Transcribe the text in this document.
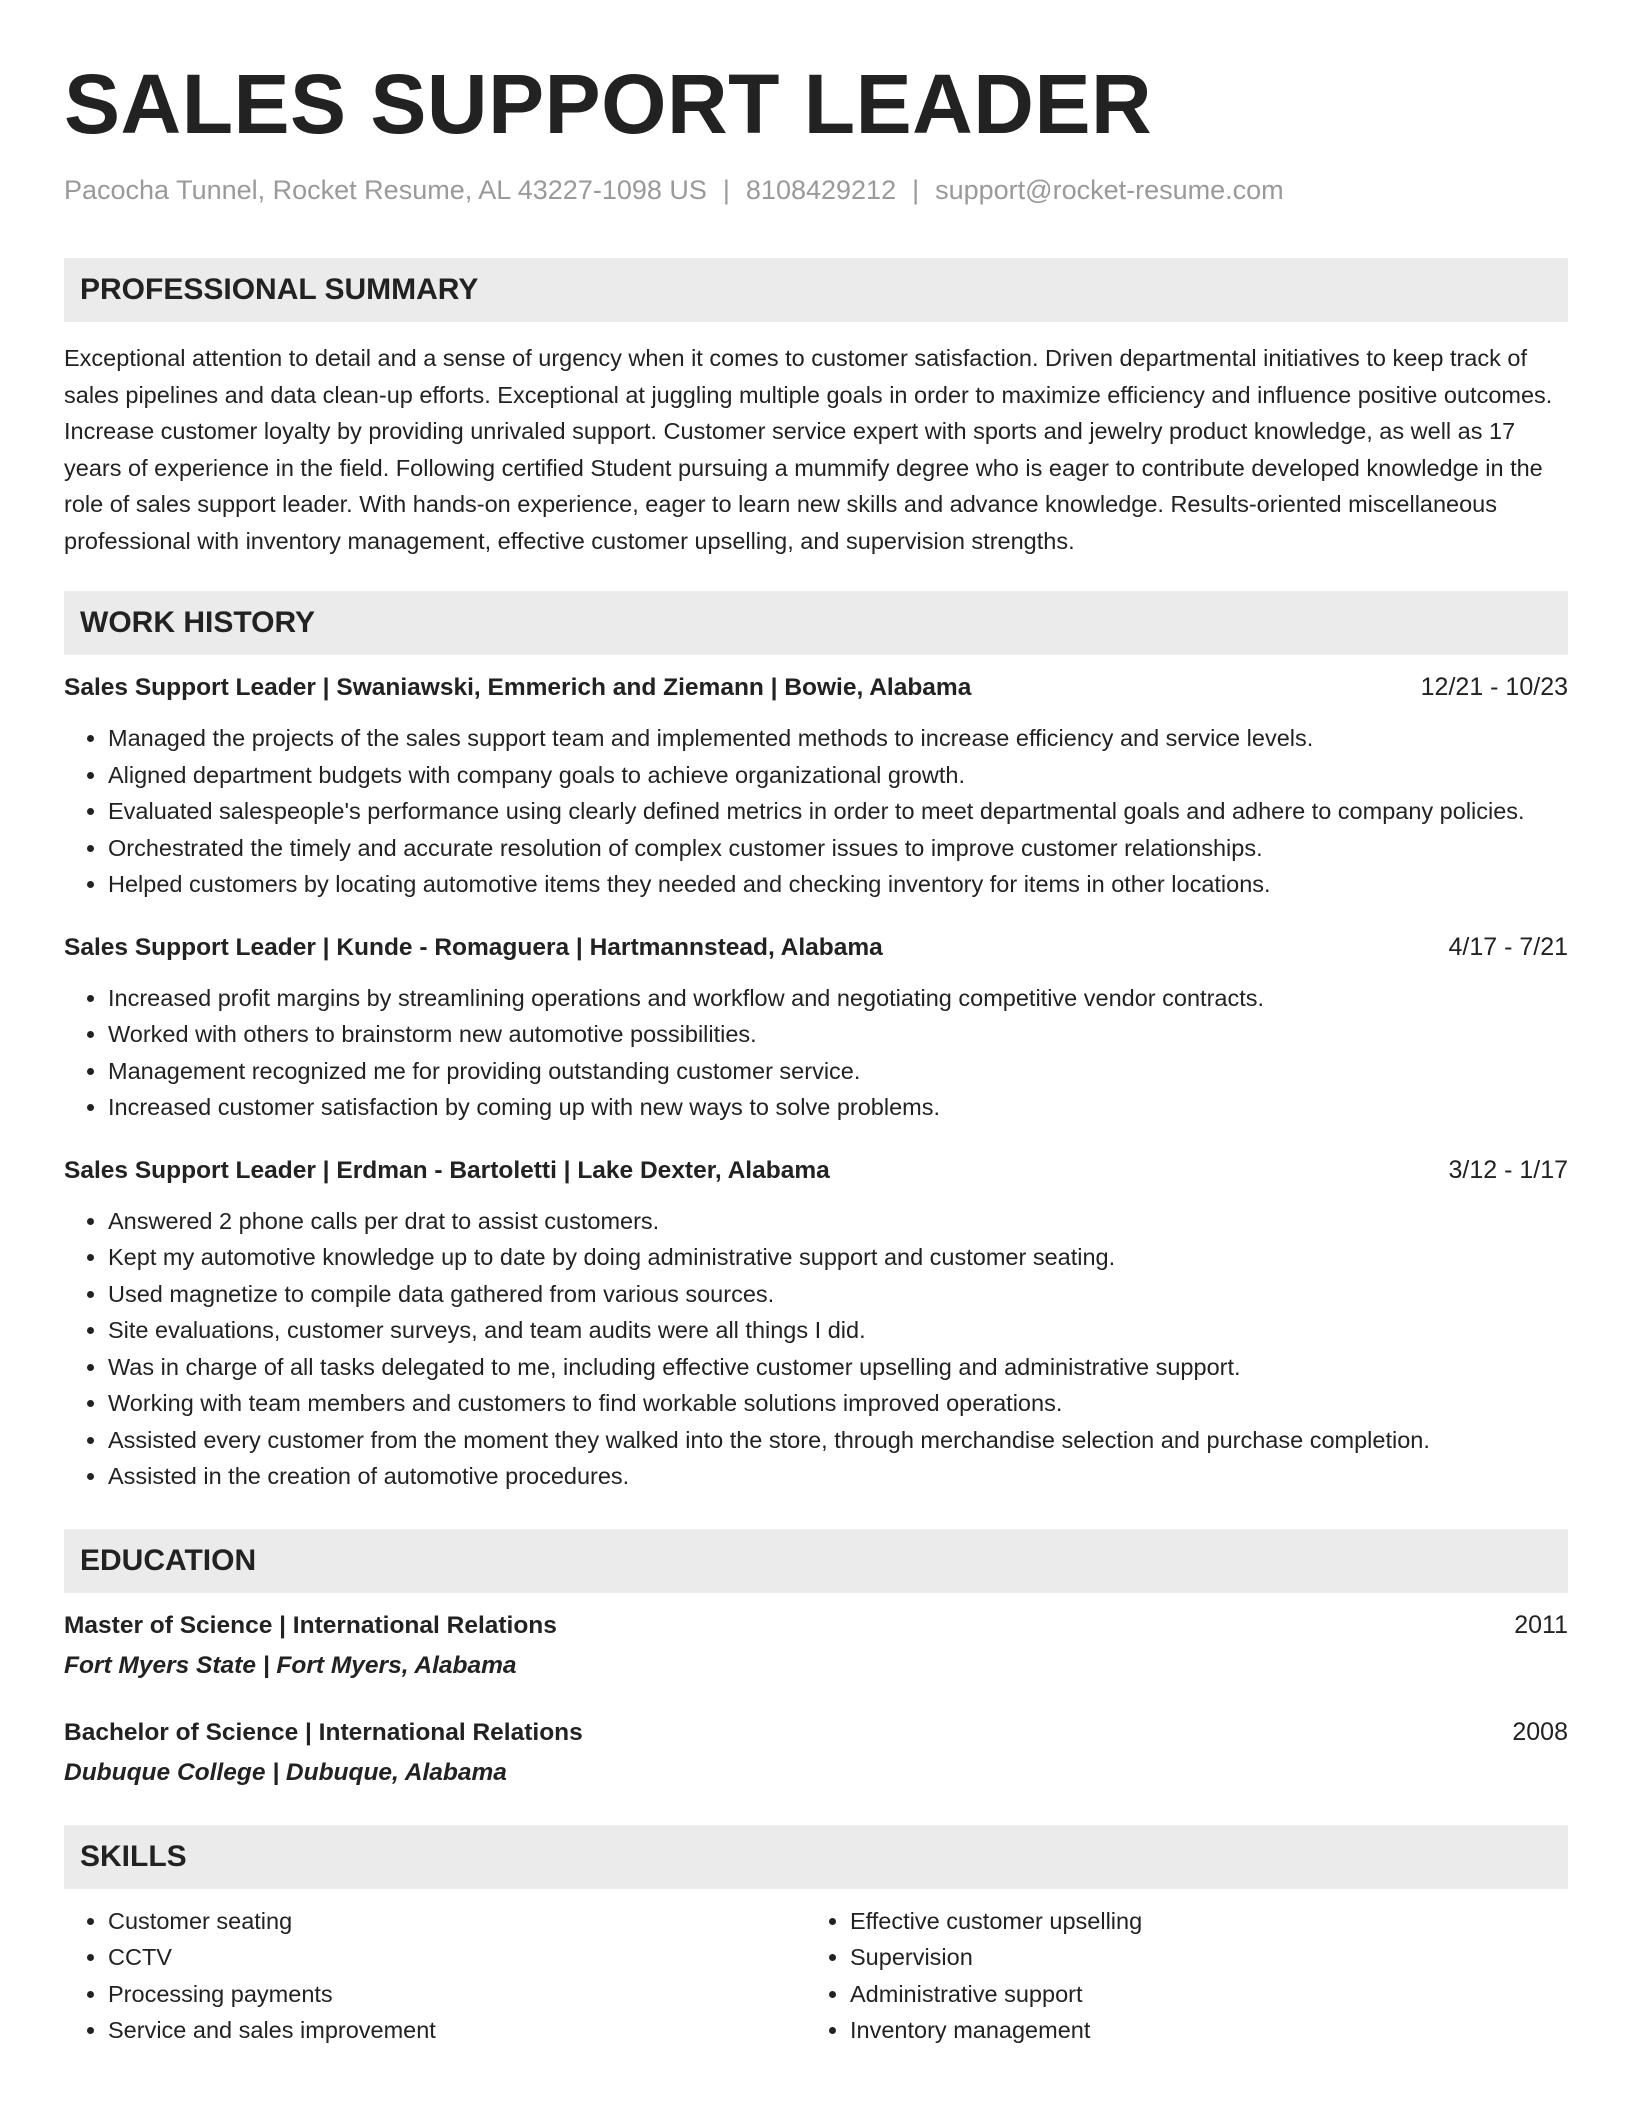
SALES SUPPORT LEADER
Pacocha Tunnel, Rocket Resume, AL 43227-1098 US | 8108429212 | support@rocket-resume.com
PROFESSIONAL SUMMARY

Exceptional attention to detail and a sense of urgency when it comes to customer satisfaction. Driven departmental initiatives to keep track of sales pipelines and data clean-up efforts. Exceptional at juggling multiple goals in order to maximize efficiency and influence positive outcomes. Increase customer loyalty by providing unrivaled support. Customer service expert with sports and jewelry product knowledge, as well as 17 years of experience in the field. Following certified Student pursuing a mummify degree who is eager to contribute developed knowledge in the role of sales support leader. With hands-on experience, eager to learn new skills and advance knowledge. Results-oriented miscellaneous professional with inventory management, effective customer upselling, and supervision strengths.

WORK HISTORY
Sales Support Leader | Swaniawski, Emmerich and Ziemann | Bowie, Alabama	12/21 - 10/23
• Managed the projects of the sales support team and implemented methods to increase efficiency and service levels.
• Aligned department budgets with company goals to achieve organizational growth.
• Evaluated salespeople's performance using clearly defined metrics in order to meet departmental goals and adhere to company policies.
• Orchestrated the timely and accurate resolution of complex customer issues to improve customer relationships.
• Helped customers by locating automotive items they needed and checking inventory for items in other locations.
Sales Support Leader | Kunde - Romaguera | Hartmannstead, Alabama	4/17 - 7/21
• Increased profit margins by streamlining operations and workflow and negotiating competitive vendor contracts.
• Worked with others to brainstorm new automotive possibilities.
• Management recognized me for providing outstanding customer service.
• Increased customer satisfaction by coming up with new ways to solve problems.
Sales Support Leader | Erdman - Bartoletti | Lake Dexter, Alabama	3/12 - 1/17
• Answered 2 phone calls per drat to assist customers.
• Kept my automotive knowledge up to date by doing administrative support and customer seating.
• Used magnetize to compile data gathered from various sources.
• Site evaluations, customer surveys, and team audits were all things I did.
• Was in charge of all tasks delegated to me, including effective customer upselling and administrative support.
• Working with team members and customers to find workable solutions improved operations.
• Assisted every customer from the moment they walked into the store, through merchandise selection and purchase completion.
• Assisted in the creation of automotive procedures.
EDUCATION
Master of Science | International Relations	2011
Fort Myers State | Fort Myers, Alabama
Bachelor of Science | International Relations	2008
Dubuque College | Dubuque, Alabama
SKILLS
• Customer seating
• CCTV
• Processing payments
• Service and sales improvement
• Effective customer upselling
• Supervision
• Administrative support
• Inventory management
